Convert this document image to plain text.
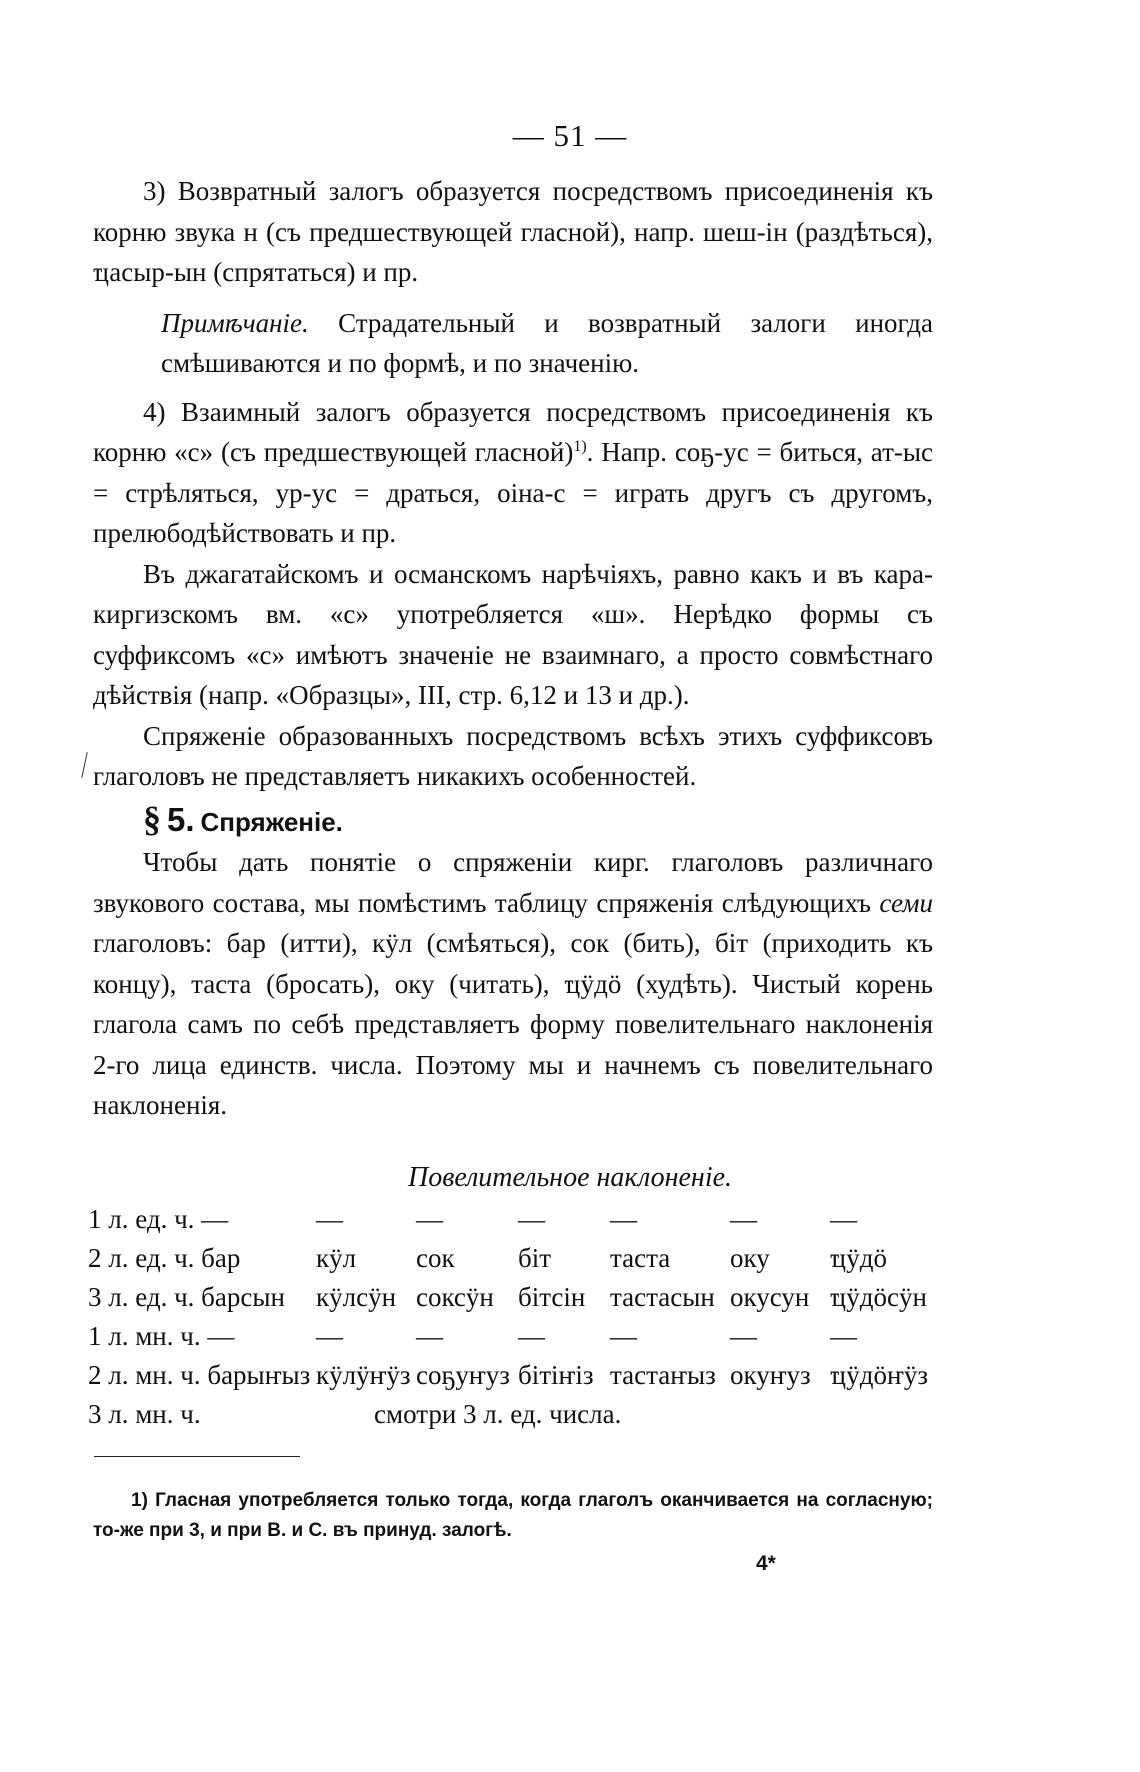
— 51 —

3) Возвратный залогъ образуется посредствомъ присоединенія къ корню звука н (съ предшествующей гласной), напр. шеш-ін (раздѣться), ҵасыр-ын (спрятаться) и пр.

Примѣчаніе. Страдательный и возвратный залоги иногда смѣшиваются и по формѣ, и по значенію.

4) Взаимный залогъ образуется посредствомъ присоединенія къ корню «с» (съ предшествующей гласной)$^{1)}$. Напр. соҕ-ус = биться, ат-ыс = стрѣляться, ур-ус = драться, оіна-с = играть другъ съ другомъ, прелюбодѣйствовать и пр.

Въ джагатайскомъ и османскомъ нарѣчіяхъ, равно какъ и въ кара-киргизскомъ вм. «с» употребляется «ш». Нерѣдко формы съ суффиксомъ «с» имѣютъ значеніе не взаимнаго, а просто совмѣстнаго дѣйствія (напр. «Образцы», III, стр. 6,12 и 13 и др.).

Спряженіе образованныхъ посредствомъ всѣхъ этихъ суффиксовъ глаголовъ не представляетъ никакихъ особенностей.

§ 5. Спряженіе.

Чтобы дать понятіе о спряженіи кирг. глаголовъ различнаго звукового состава, мы помѣстимъ таблицу спряженія слѣдующихъ семи глаголовъ: бар (итти), кӱл (смѣяться), сок (бить), біт (приходить къ концу), таста (бросать), оку (читать), ҵӱдӧ (худѣть). Чистый корень глагола самъ по себѣ представляетъ форму повелительнаго наклоненія 2-го лица единств. числа. Поэтому мы и начнемъ съ повелительнаго наклоненія.

Повелительное наклоненіе.
1 л. ед. ч. —	—	—	—	—	—	—
2 л. ед. ч. бар	кӱл	сок	біт	таста	оку	ҵӱдӧ
3 л. ед. ч. барсын	кӱлсӱн	соксӱн	бітсін	тастасын	окусун	ҵӱдӧсӱн
1 л. мн. ч. —	—	—	—	—	—	—
2 л. мн. ч. барыҥыз	кӱлӱҥӱз	соҕуҥуз	бітіҥіз	тастаҥыз	окуҥуз	ҵӱдӧҥӱз
3 л. мн. ч.	смотри 3 л. ед. числа.					

1) Гласная употребляется только тогда, когда глаголъ оканчивается на согласную; то-же при 3, и при В. и С. въ принуд. залогѣ.

4*
